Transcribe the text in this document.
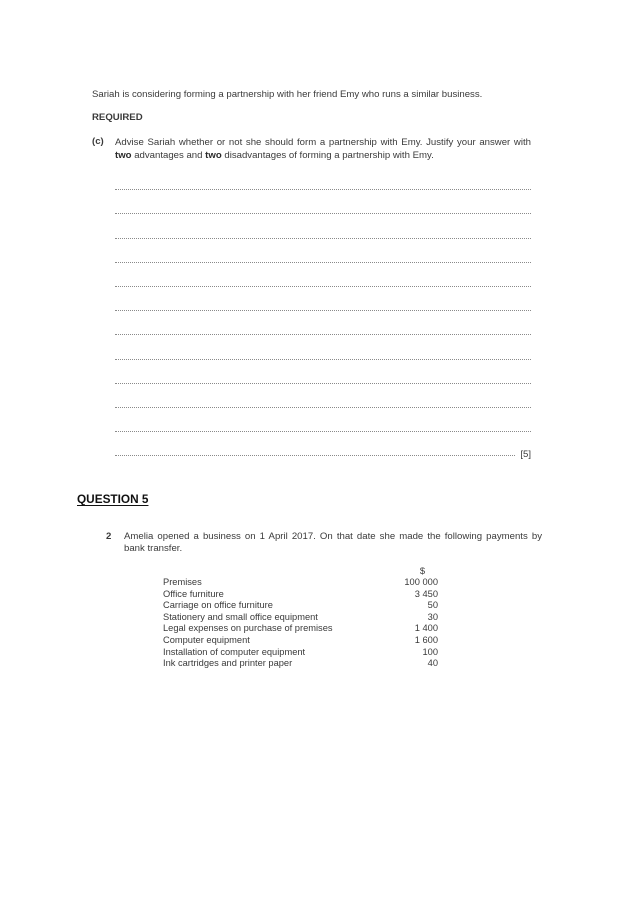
Sariah is considering forming a partnership with her friend Emy who runs a similar business.
REQUIRED
(c) Advise Sariah whether or not she should form a partnership with Emy. Justify your answer with two advantages and two disadvantages of forming a partnership with Emy.
[5]
QUESTION 5
2 Amelia opened a business on 1 April 2017. On that date she made the following payments by bank transfer.
$
Premises	100 000
Office furniture	3 450
Carriage on office furniture	50
Stationery and small office equipment	30
Legal expenses on purchase of premises	1 400
Computer equipment	1 600
Installation of computer equipment	100
Ink cartridges and printer paper	40
